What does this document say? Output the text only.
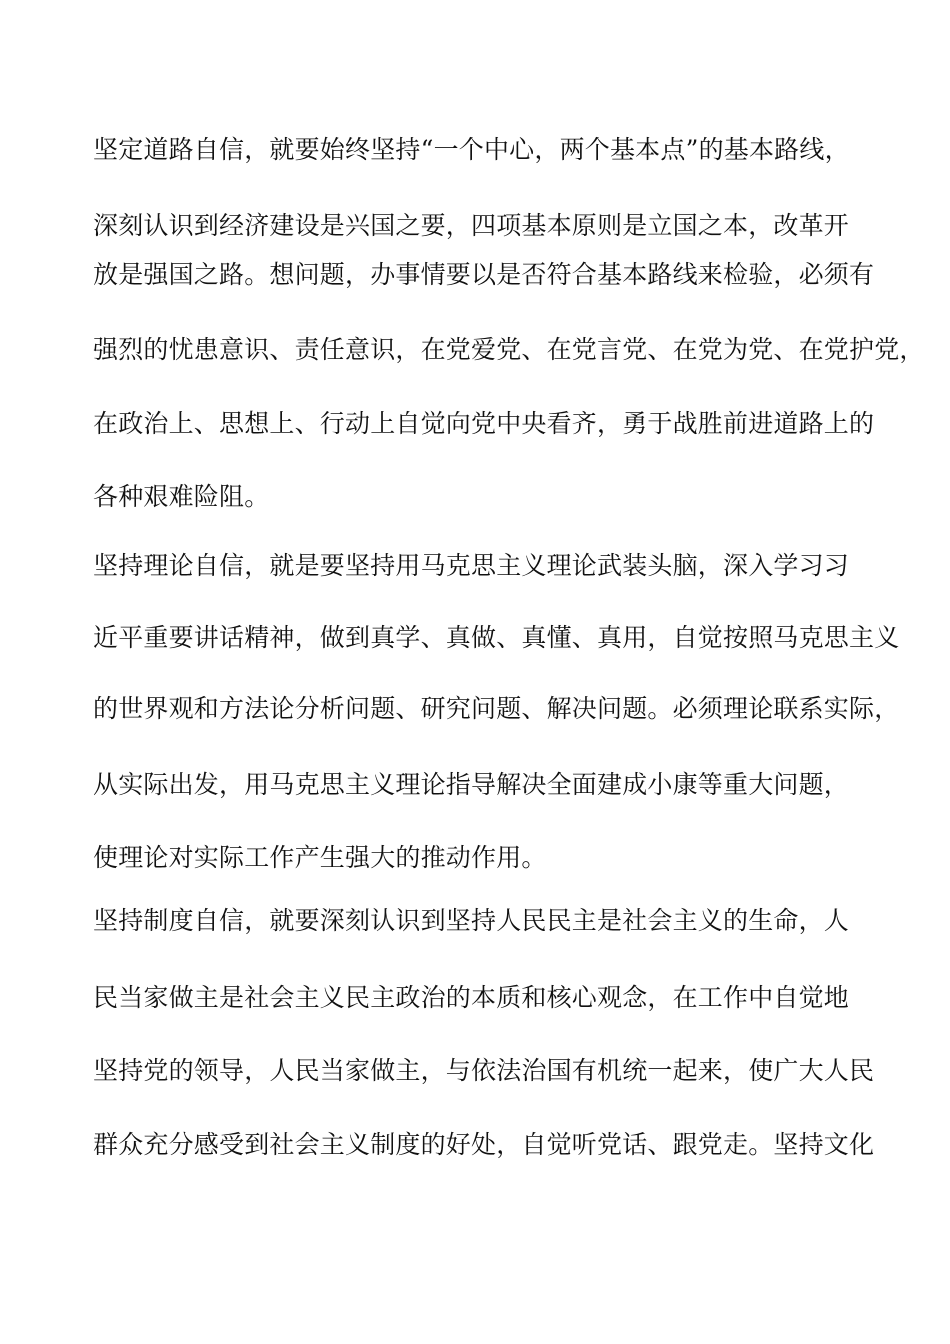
坚定道路自信，就要始终坚持“一个中心，两个基本点”的基本路线，
深刻认识到经济建设是兴国之要，四项基本原则是立国之本，改革开
放是强国之路。想问题，办事情要以是否符合基本路线来检验，必须有
强烈的忧患意识、责任意识，在党爱党、在党言党、在党为党、在党护党，
在政治上、思想上、行动上自觉向党中央看齐，勇于战胜前进道路上的
各种艰难险阻。
坚持理论自信，就是要坚持用马克思主义理论武装头脑，深入学习习
近平重要讲话精神，做到真学、真做、真懂、真用，自觉按照马克思主义
的世界观和方法论分析问题、研究问题、解决问题。必须理论联系实际，
从实际出发，用马克思主义理论指导解决全面建成小康等重大问题，
使理论对实际工作产生强大的推动作用。
坚持制度自信，就要深刻认识到坚持人民民主是社会主义的生命，人
民当家做主是社会主义民主政治的本质和核心观念，在工作中自觉地
坚持党的领导，人民当家做主，与依法治国有机统一起来，使广大人民
群众充分感受到社会主义制度的好处，自觉听党话、跟党走。坚持文化
